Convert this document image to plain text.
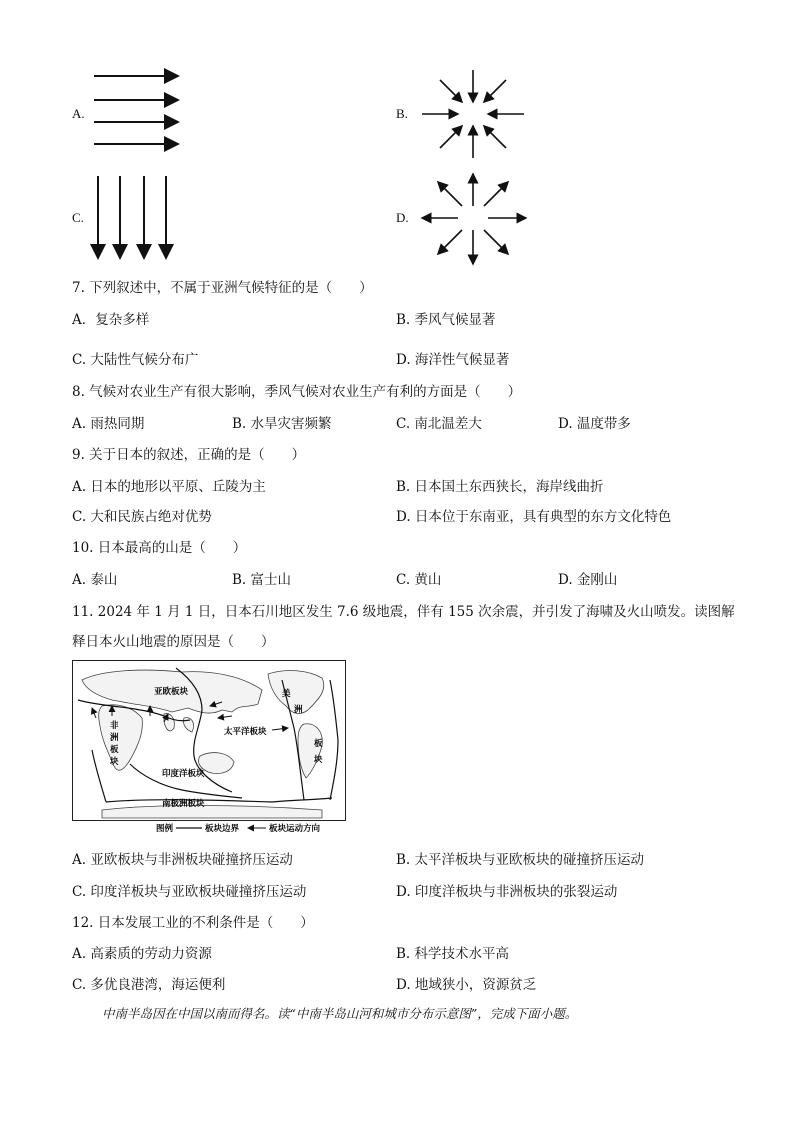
A.	B.
C.	D.
7. 下列叙述中，不属于亚洲气候特征的是（　　）
A．复杂多样	B. 季风气候显著
C. 大陆性气候分布广	D. 海洋性气候显著
8. 气候对农业生产有很大影响，季风气候对农业生产有利的方面是（　　）
A. 雨热同期	B. 水旱灾害频繁	C. 南北温差大	D. 温度带多
9. 关于日本的叙述，正确的是（　　）
A. 日本的地形以平原、丘陵为主	B. 日本国土东西狭长，海岸线曲折
C. 大和民族占绝对优势	D. 日本位于东南亚，具有典型的东方文化特色
10. 日本最高的山是（　　）
A. 泰山	B. 富士山	C. 黄山	D. 金刚山
11. 2024 年 1 月 1 日，日本石川地区发生 7.6 级地震，伴有 155 次余震，并引发了海啸及火山喷发。读图解
释日本火山地震的原因是（　　）
亚欧板块
非
洲
板
块
太平洋板块
印度洋板块
美
洲
板
块
南极洲板块
图例	板块边界	板块运动方向
A. 亚欧板块与非洲板块碰撞挤压运动	B. 太平洋板块与亚欧板块的碰撞挤压运动
C. 印度洋板块与亚欧板块碰撞挤压运动	D. 印度洋板块与非洲板块的张裂运动
12. 日本发展工业的不利条件是（　　）
A. 高素质的劳动力资源	B. 科学技术水平高
C. 多优良港湾，海运便利	D. 地域狭小，资源贫乏
中南半岛因在中国以南而得名。读“中南半岛山河和城市分布示意图”，完成下面小题。
